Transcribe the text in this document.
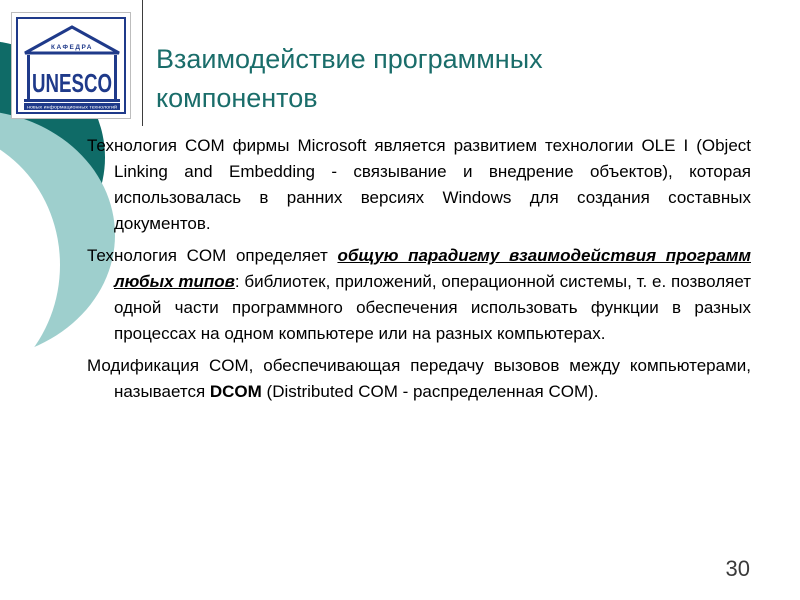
КАФЕДРА
UNESCO
новых информационных технологий
Взаимодействие программных
компонентов

Технология COM фирмы Microsoft является развитием технологии OLE I (Object Linking and Embedding - связывание и внедрение объектов), которая использовалась в ранних версиях Windows для создания составных документов.

Технология COM определяет общую парадигму взаимодействия программ любых типов: библиотек, приложений, операционной системы, т. е. позволяет одной части программного обеспечения использовать функции в разных процессах на одном компьютере или на разных компьютерах.

Модификация COM, обеспечивающая передачу вызовов между компьютерами, называется DCOM (Distributed COM - распределенная COM).

30
